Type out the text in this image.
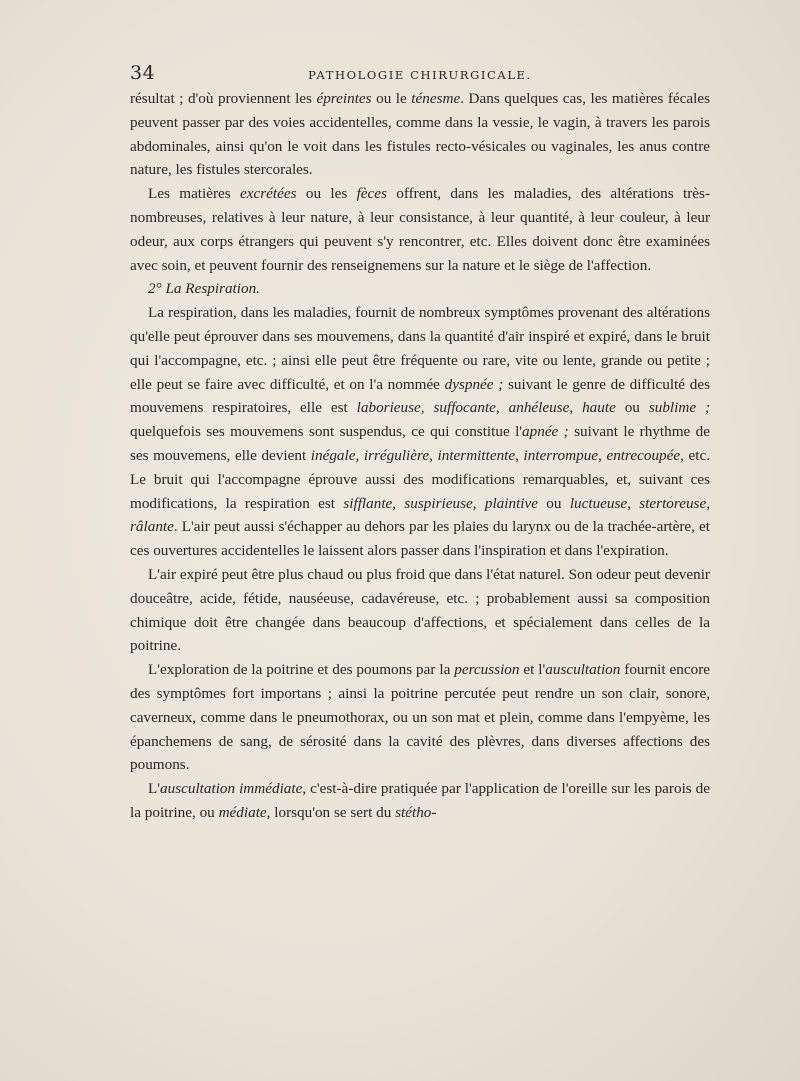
34	PATHOLOGIE CHIRURGICALE.

résultat ; d'où proviennent les épreintes ou le ténesme. Dans quelques cas, les matières fécales peuvent passer par des voies accidentelles, comme dans la vessie, le vagin, à travers les parois abdominales, ainsi qu'on le voit dans les fistules recto-vésicales ou vaginales, les anus contre nature, les fistules stercorales.

Les matières excrétées ou les fèces offrent, dans les maladies, des altérations très-nombreuses, relatives à leur nature, à leur consistance, à leur quantité, à leur couleur, à leur odeur, aux corps étrangers qui peuvent s'y rencontrer, etc. Elles doivent donc être examinées avec soin, et peuvent fournir des renseignemens sur la nature et le siège de l'affection.

2° La Respiration.

La respiration, dans les maladies, fournit de nombreux symptômes provenant des altérations qu'elle peut éprouver dans ses mouvemens, dans la quantité d'air inspiré et expiré, dans le bruit qui l'accompagne, etc. ; ainsi elle peut être fréquente ou rare, vite ou lente, grande ou petite ; elle peut se faire avec difficulté, et on l'a nommée dyspnée ; suivant le genre de difficulté des mouvemens respiratoires, elle est laborieuse, suffocante, anhéleuse, haute ou sublime ; quelquefois ses mouvemens sont suspendus, ce qui constitue l'apnée ; suivant le rhythme de ses mouvemens, elle devient inégale, irrégulière, intermittente, interrompue, entrecoupée, etc. Le bruit qui l'accompagne éprouve aussi des modifications remarquables, et, suivant ces modifications, la respiration est sifflante, suspirieuse, plaintive ou luctueuse, stertoreuse, râlante. L'air peut aussi s'échapper au dehors par les plaies du larynx ou de la trachée-artère, et ces ouvertures accidentelles le laissent alors passer dans l'inspiration et dans l'expiration.

L'air expiré peut être plus chaud ou plus froid que dans l'état naturel. Son odeur peut devenir douceâtre, acide, fétide, nauséeuse, cadavéreuse, etc. ; probablement aussi sa composition chimique doit être changée dans beaucoup d'affections, et spécialement dans celles de la poitrine.

L'exploration de la poitrine et des poumons par la percussion et l'auscultation fournit encore des symptômes fort importans ; ainsi la poitrine percutée peut rendre un son clair, sonore, caverneux, comme dans le pneumothorax, ou un son mat et plein, comme dans l'empyème, les épanchemens de sang, de sérosité dans la cavité des plèvres, dans diverses affections des poumons.

L'auscultation immédiate, c'est-à-dire pratiquée par l'application de l'oreille sur les parois de la poitrine, ou médiate, lorsqu'on se sert du stétho-
